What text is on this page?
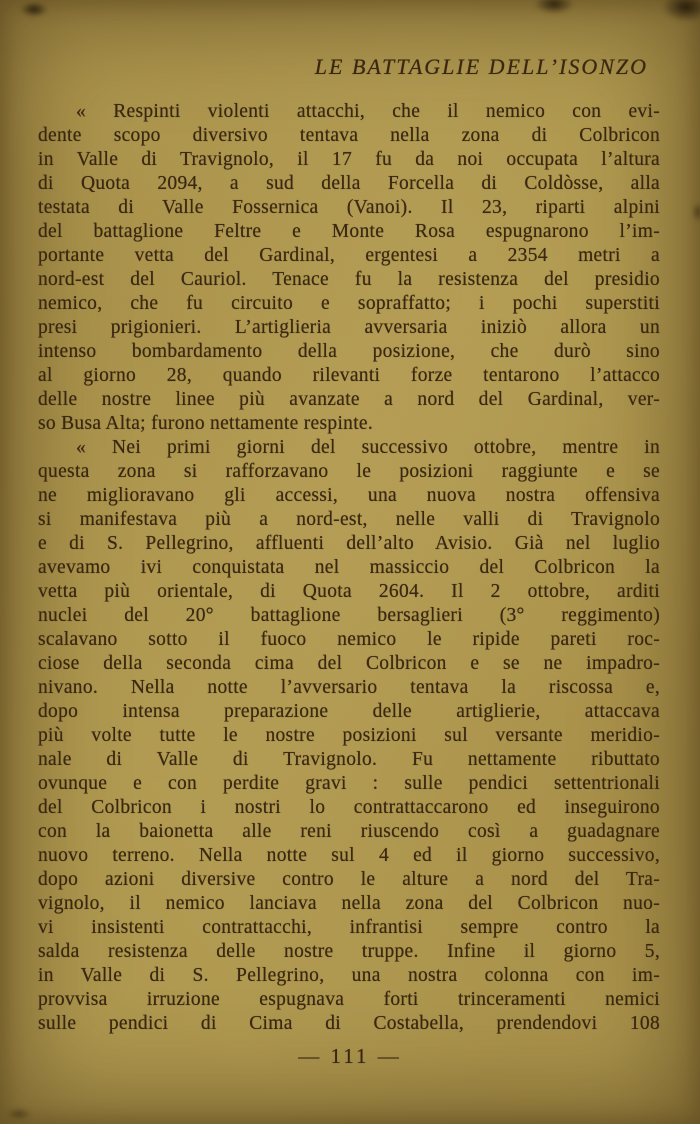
LE BATTAGLIE DELL’ISONZO
« Respinti violenti attacchi, che il nemico con evi-
dente scopo diversivo tentava nella zona di Colbricon
in Valle di Travignolo, il 17 fu da noi occupata l’altura
di Quota 2094, a sud della Forcella di Coldòsse, alla
testata di Valle Fossernica (Vanoi). Il 23, riparti alpini
del battaglione Feltre e Monte Rosa espugnarono l’im-
portante vetta del Gardinal, ergentesi a 2354 metri a
nord-est del Cauriol. Tenace fu la resistenza del presidio
nemico, che fu circuito e sopraffatto; i pochi superstiti
presi prigionieri. L’artiglieria avversaria iniziò allora un
intenso bombardamento della posizione, che durò sino
al giorno 28, quando rilevanti forze tentarono l’attacco
delle nostre linee più avanzate a nord del Gardinal, ver-
so Busa Alta; furono nettamente respinte.
« Nei primi giorni del successivo ottobre, mentre in
questa zona si rafforzavano le posizioni raggiunte e se
ne miglioravano gli accessi, una nuova nostra offensiva
si manifestava più a nord-est, nelle valli di Travignolo
e di S. Pellegrino, affluenti dell’alto Avisio. Già nel luglio
avevamo ivi conquistata nel massiccio del Colbricon la
vetta più orientale, di Quota 2604. Il 2 ottobre, arditi
nuclei del 20° battaglione bersaglieri (3° reggimento)
scalavano sotto il fuoco nemico le ripide pareti roc-
ciose della seconda cima del Colbricon e se ne impadro-
nivano. Nella notte l’avversario tentava la riscossa e,
dopo intensa preparazione delle artiglierie, attaccava
più volte tutte le nostre posizioni sul versante meridio-
nale di Valle di Travignolo. Fu nettamente ributtato
ovunque e con perdite gravi : sulle pendici settentrionali
del Colbricon i nostri lo contrattaccarono ed inseguirono
con la baionetta alle reni riuscendo così a guadagnare
nuovo terreno. Nella notte sul 4 ed il giorno successivo,
dopo azioni diversive contro le alture a nord del Tra-
vignolo, il nemico lanciava nella zona del Colbricon nuo-
vi insistenti contrattacchi, infrantisi sempre contro la
salda resistenza delle nostre truppe. Infine il giorno 5,
in Valle di S. Pellegrino, una nostra colonna con im-
provvisa irruzione espugnava forti trinceramenti nemici
sulle pendici di Cima di Costabella, prendendovi 108
— 111 —
